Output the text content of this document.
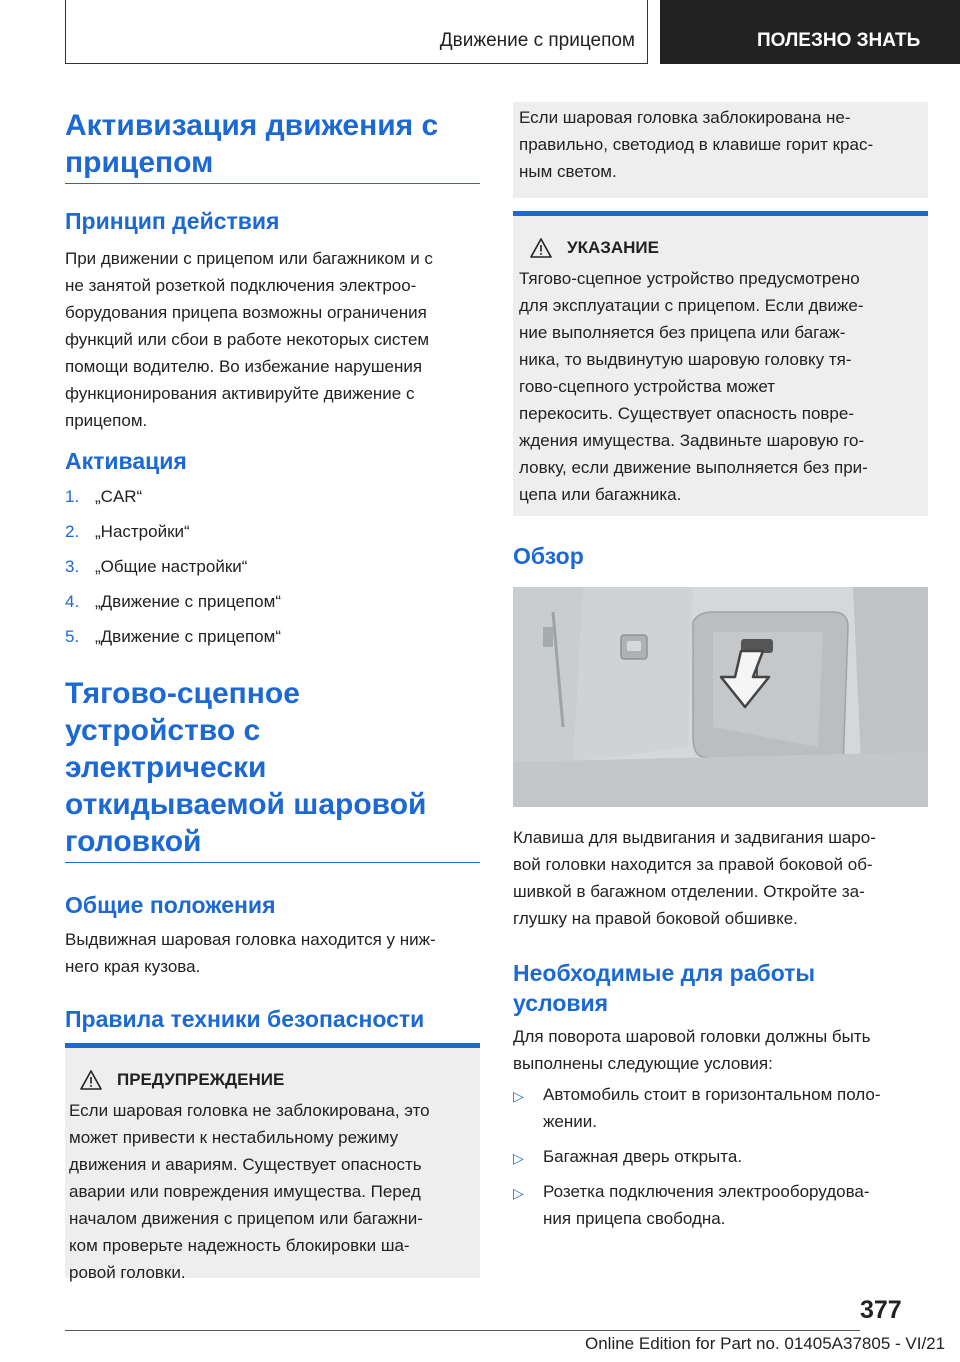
Движение с прицепом	ПОЛЕЗНО ЗНАТЬ
Активизация движения с
прицепом
Принцип действия
При движении с прицепом или багажником и с
не занятой розеткой подключения электроо-
борудования прицепа возможны ограничения
функций или сбои в работе некоторых систем
помощи водителю. Во избежание нарушения
функционирования активируйте движение с
прицепом.
Активация
1. „CAR“
2. „Настройки“
3. „Общие настройки“
4. „Движение с прицепом“
5. „Движение с прицепом“
Тягово-сцепное
устройство с
электрически
откидываемой шаровой
головкой
Общие положения
Выдвижная шаровая головка находится у ниж-
него края кузова.
Правила техники безопасности
ПРЕДУПРЕЖДЕНИЕ
Если шаровая головка не заблокирована, это
может привести к нестабильному режиму
движения и авариям. Существует опасность
аварии или повреждения имущества. Перед
началом движения с прицепом или багажни-
ком проверьте надежность блокировки ша-
ровой головки.
Если шаровая головка заблокирована не-
правильно, светодиод в клавише горит крас-
ным светом.
УКАЗАНИЕ
Тягово-сцепное устройство предусмотрено
для эксплуатации с прицепом. Если движе-
ние выполняется без прицепа или багаж-
ника, то выдвинутую шаровую головку тя-
гово-сцепного устройства может
перекосить. Существует опасность повре-
ждения имущества. Задвиньте шаровую го-
ловку, если движение выполняется без при-
цепа или багажника.
Обзор
Клавиша для выдвигания и задвигания шаро-
вой головки находится за правой боковой об-
шивкой в багажном отделении. Откройте за-
глушку на правой боковой обшивке.
Необходимые для работы
условия
Для поворота шаровой головки должны быть
выполнены следующие условия:
▷ Автомобиль стоит в горизонтальном поло-
жении.
▷ Багажная дверь открыта.
▷ Розетка подключения электрооборудова-
ния прицепа свободна.
377
Online Edition for Part no. 01405A37805 - VI/21
